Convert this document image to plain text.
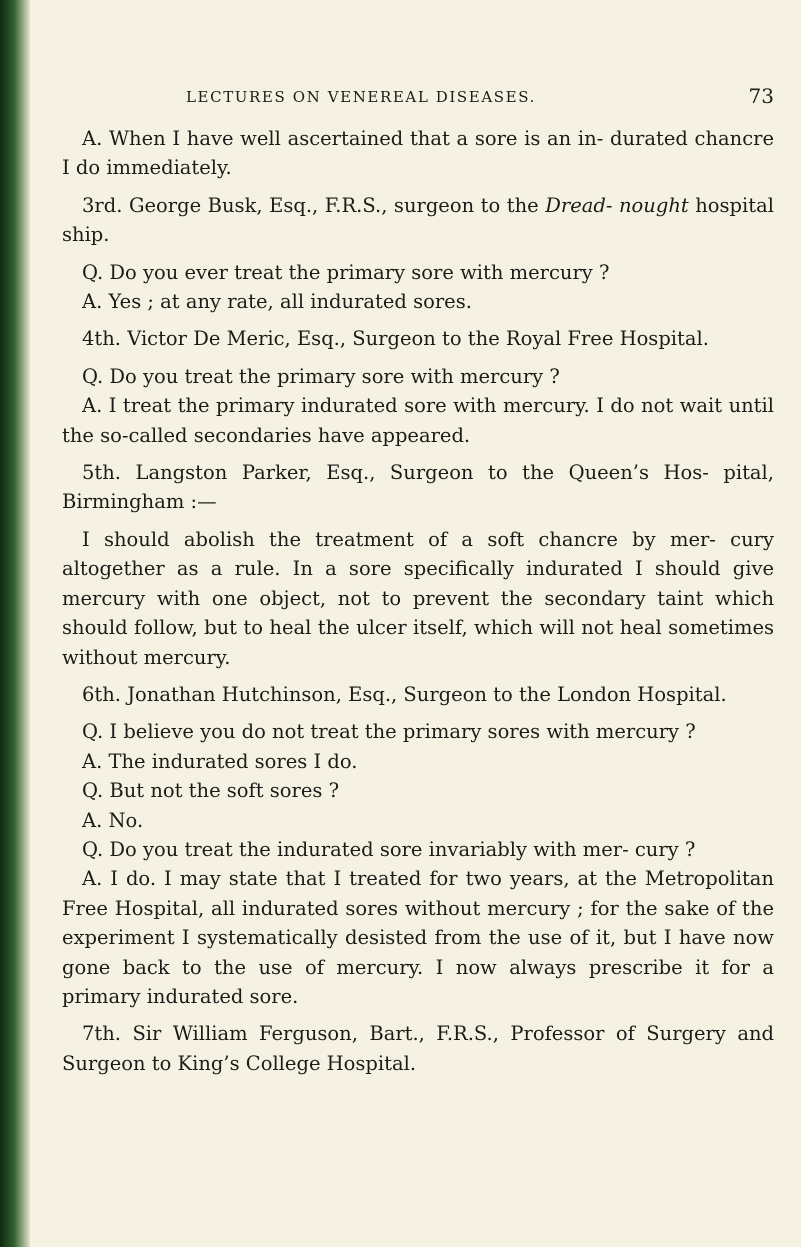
LECTURES ON VENEREAL DISEASES.	73

A. When I have well ascertained that a sore is an in- durated chancre I do immediately.

3rd. George Busk, Esq., F.R.S., surgeon to the Dread- nought hospital ship.

Q. Do you ever treat the primary sore with mercury ?

A. Yes ; at any rate, all indurated sores.

4th. Victor De Meric, Esq., Surgeon to the Royal Free Hospital.

Q. Do you treat the primary sore with mercury ?

A. I treat the primary indurated sore with mercury. I do not wait until the so-called secondaries have appeared.

5th. Langston Parker, Esq., Surgeon to the Queen’s Hos- pital, Birmingham :—

I should abolish the treatment of a soft chancre by mer- cury altogether as a rule. In a sore specifically indurated I should give mercury with one object, not to prevent the secondary taint which should follow, but to heal the ulcer itself, which will not heal sometimes without mercury.

6th. Jonathan Hutchinson, Esq., Surgeon to the London Hospital.

Q. I believe you do not treat the primary sores with mercury ?

A. The indurated sores I do.

Q. But not the soft sores ?

A. No.

Q. Do you treat the indurated sore invariably with mer- cury ?

A. I do. I may state that I treated for two years, at the Metropolitan Free Hospital, all indurated sores without mercury ; for the sake of the experiment I systematically desisted from the use of it, but I have now gone back to the use of mercury. I now always prescribe it for a primary indurated sore.

7th. Sir William Ferguson, Bart., F.R.S., Professor of Surgery and Surgeon to King’s College Hospital.
